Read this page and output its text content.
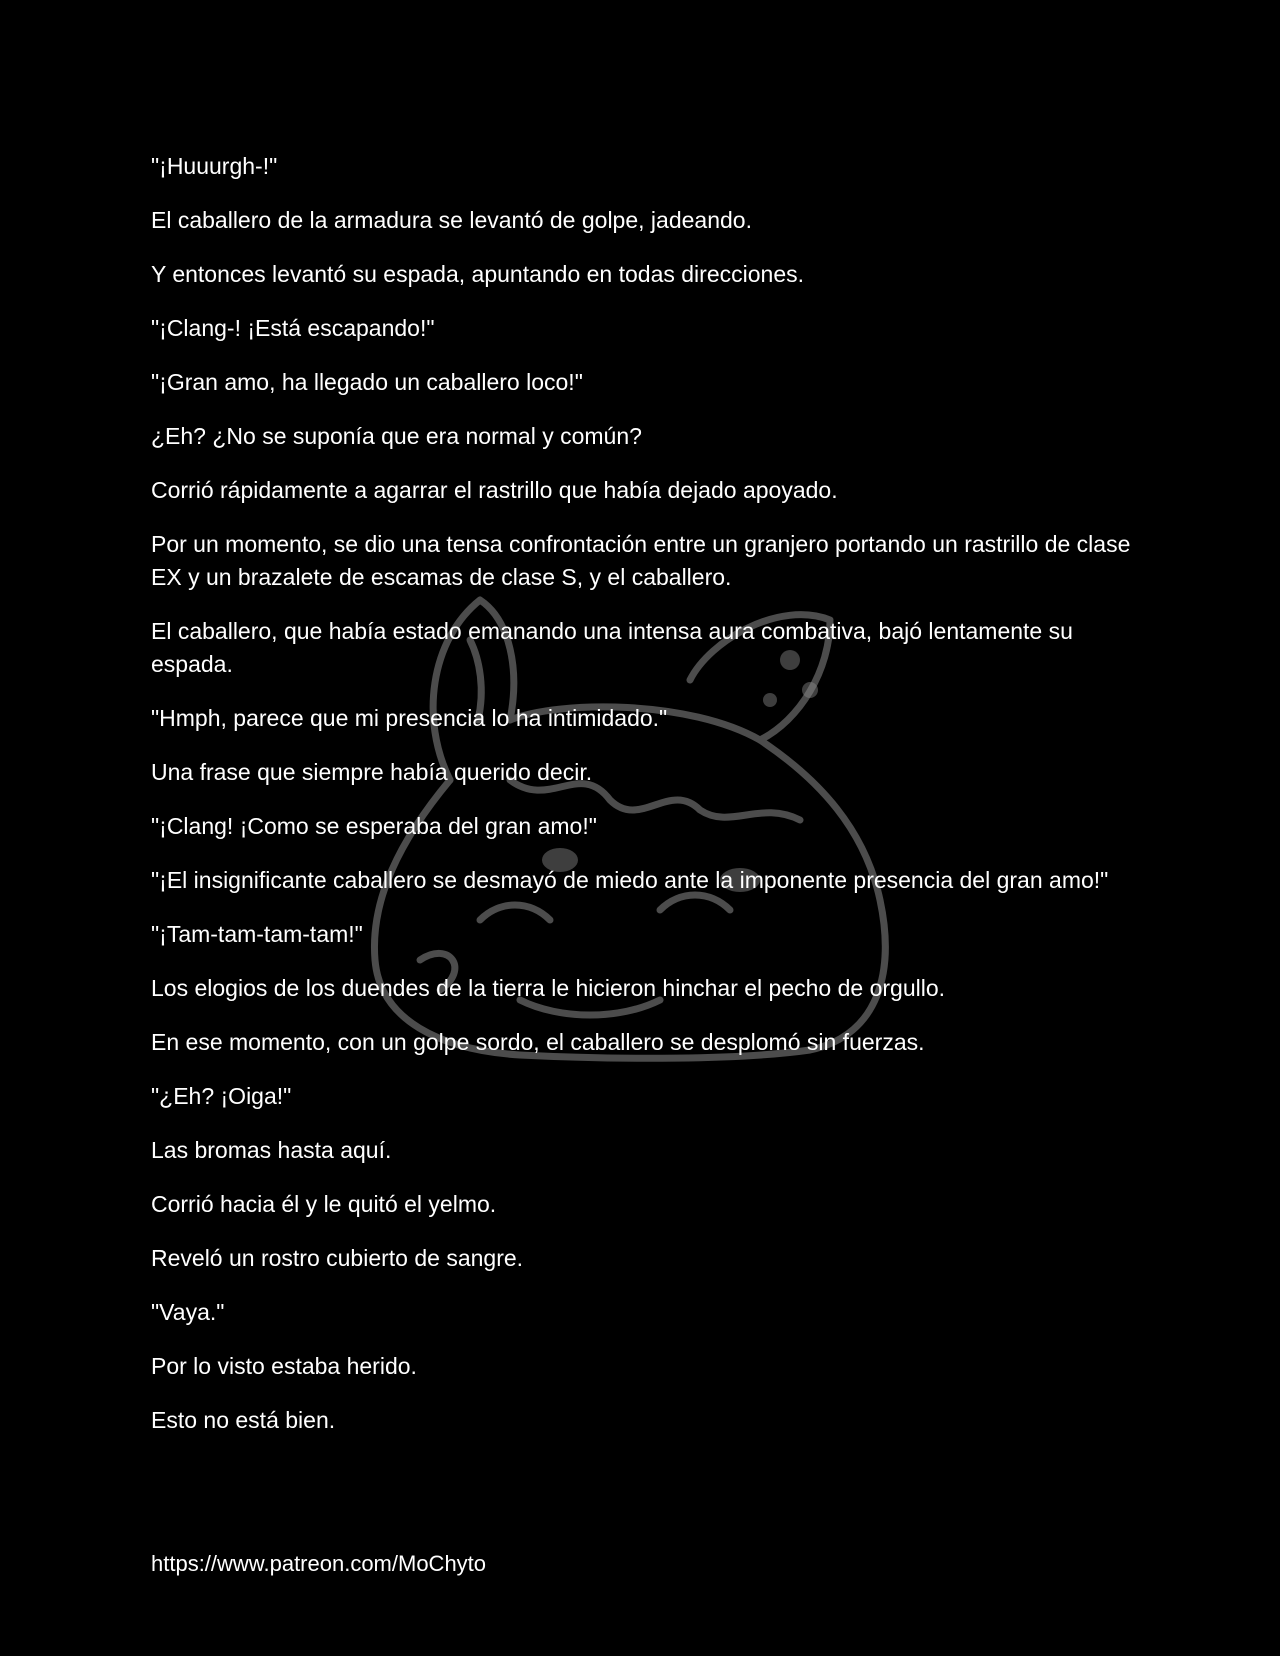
"¡Huuurgh-!"

El caballero de la armadura se levantó de golpe, jadeando.

Y entonces levantó su espada, apuntando en todas direcciones.

"¡Clang-! ¡Está escapando!"

"¡Gran amo, ha llegado un caballero loco!"

¿Eh? ¿No se suponía que era normal y común?

Corrió rápidamente a agarrar el rastrillo que había dejado apoyado.

Por un momento, se dio una tensa confrontación entre un granjero portando un rastrillo de clase EX y un brazalete de escamas de clase S, y el caballero.

El caballero, que había estado emanando una intensa aura combativa, bajó lentamente su espada.

"Hmph, parece que mi presencia lo ha intimidado."

Una frase que siempre había querido decir.

"¡Clang! ¡Como se esperaba del gran amo!"

"¡El insignificante caballero se desmayó de miedo ante la imponente presencia del gran amo!"

"¡Tam-tam-tam-tam!"

Los elogios de los duendes de la tierra le hicieron hinchar el pecho de orgullo.

En ese momento, con un golpe sordo, el caballero se desplomó sin fuerzas.

"¿Eh? ¡Oiga!"

Las bromas hasta aquí.

Corrió hacia él y le quitó el yelmo.

Reveló un rostro cubierto de sangre.

"Vaya."

Por lo visto estaba herido.

Esto no está bien.

https://www.patreon.com/MoChyto
